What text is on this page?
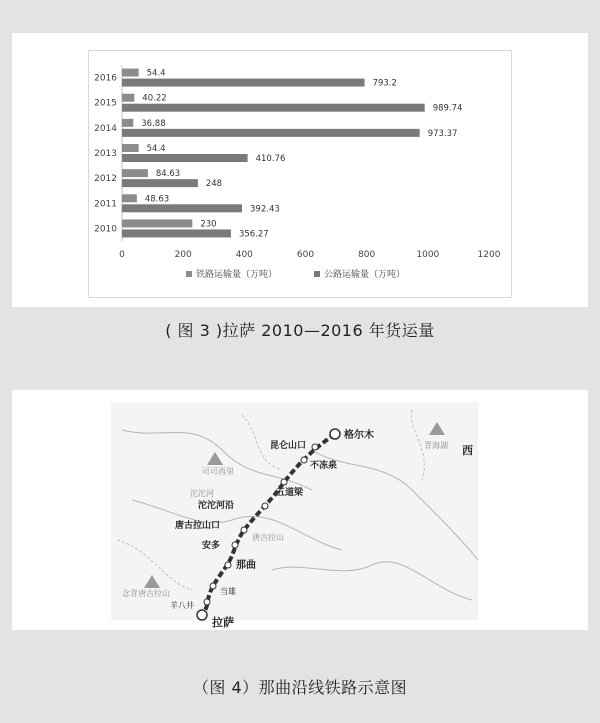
2016	54.4
793.2
2015	40.22
989.74
2014	36.88
973.37
2013	54.4
410.76
2012	84.63
248
2011	48.63
392.43
2010	230
356.27
0	200	400	600	800	1000	1200
铁路运输量（万吨）	公路运输量（万吨）
( 图 3 )拉萨 2010—2016 年货运量
格尔木
昆仑山口
不冻泉
五道梁
沱沱河沿
唐古拉山口
安多
那曲
当雄
羊八井
拉萨
西
可可西里
沱沱河
唐古拉山
念青唐古拉山
青海湖
（图 4）那曲沿线铁路示意图
